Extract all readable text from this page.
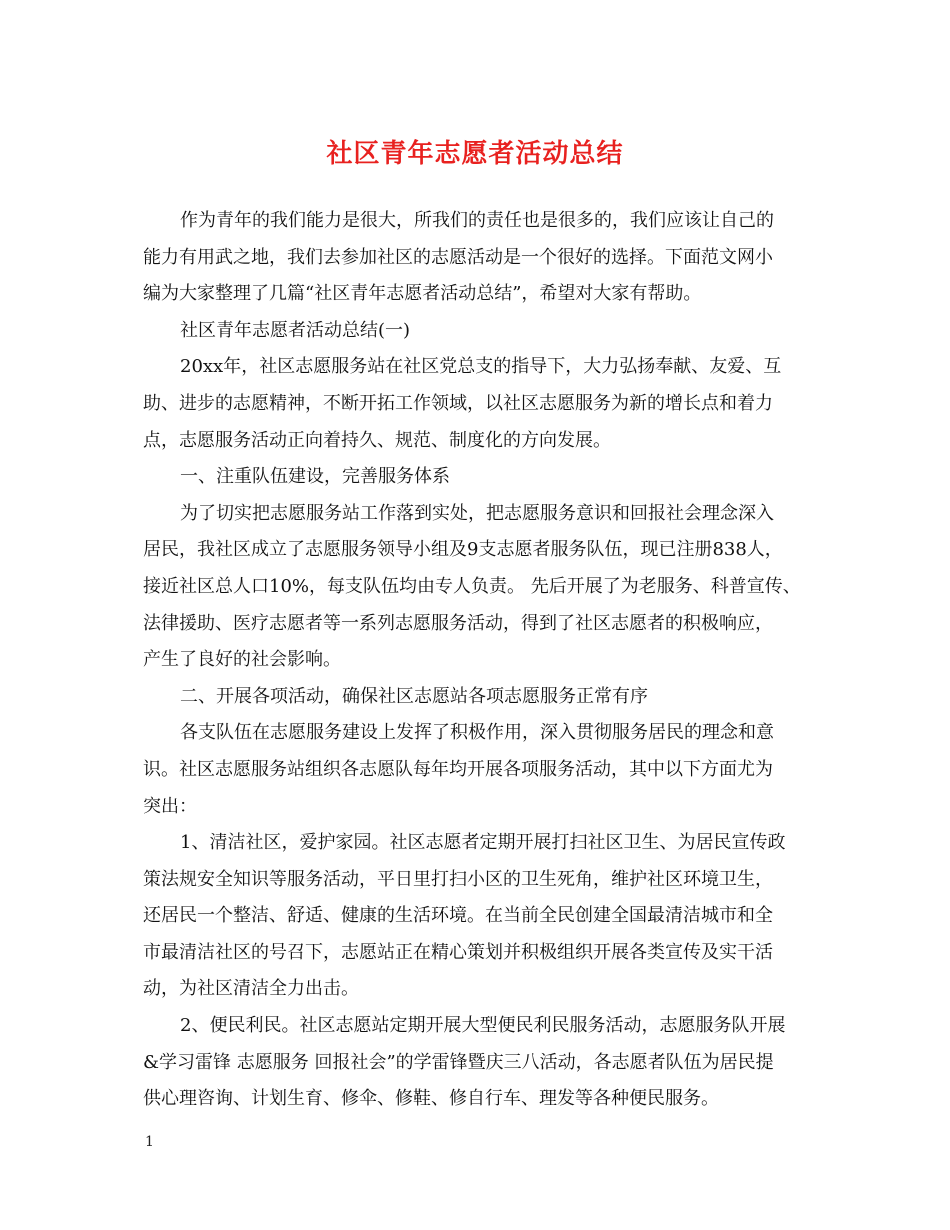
社区青年志愿者活动总结
作为青年的我们能力是很大，所我们的责任也是很多的，我们应该让自己的
能力有用武之地，我们去参加社区的志愿活动是一个很好的选择。下面范文网小
编为大家整理了几篇“社区青年志愿者活动总结”，希望对大家有帮助。
社区青年志愿者活动总结(一)
20xx年，社区志愿服务站在社区党总支的指导下，大力弘扬奉献、友爱、互
助、进步的志愿精神，不断开拓工作领域，以社区志愿服务为新的增长点和着力
点，志愿服务活动正向着持久、规范、制度化的方向发展。
一、注重队伍建设，完善服务体系
为了切实把志愿服务站工作落到实处，把志愿服务意识和回报社会理念深入
居民，我社区成立了志愿服务领导小组及9支志愿者服务队伍，现已注册838人，
接近社区总人口10%，每支队伍均由专人负责。 先后开展了为老服务、科普宣传、
法律援助、医疗志愿者等一系列志愿服务活动，得到了社区志愿者的积极响应，
产生了良好的社会影响。
二、开展各项活动，确保社区志愿站各项志愿服务正常有序
各支队伍在志愿服务建设上发挥了积极作用，深入贯彻服务居民的理念和意
识。社区志愿服务站组织各志愿队每年均开展各项服务活动，其中以下方面尤为
突出：
1、清洁社区，爱护家园。社区志愿者定期开展打扫社区卫生、为居民宣传政
策法规安全知识等服务活动，平日里打扫小区的卫生死角，维护社区环境卫生，
还居民一个整洁、舒适、健康的生活环境。在当前全民创建全国最清洁城市和全
市最清洁社区的号召下，志愿站正在精心策划并积极组织开展各类宣传及实干活
动，为社区清洁全力出击。
2、便民利民。社区志愿站定期开展大型便民利民服务活动，志愿服务队开展
&学习雷锋 志愿服务 回报社会”的学雷锋暨庆三八活动，各志愿者队伍为居民提
供心理咨询、计划生育、修伞、修鞋、修自行车、理发等各种便民服务。
1
